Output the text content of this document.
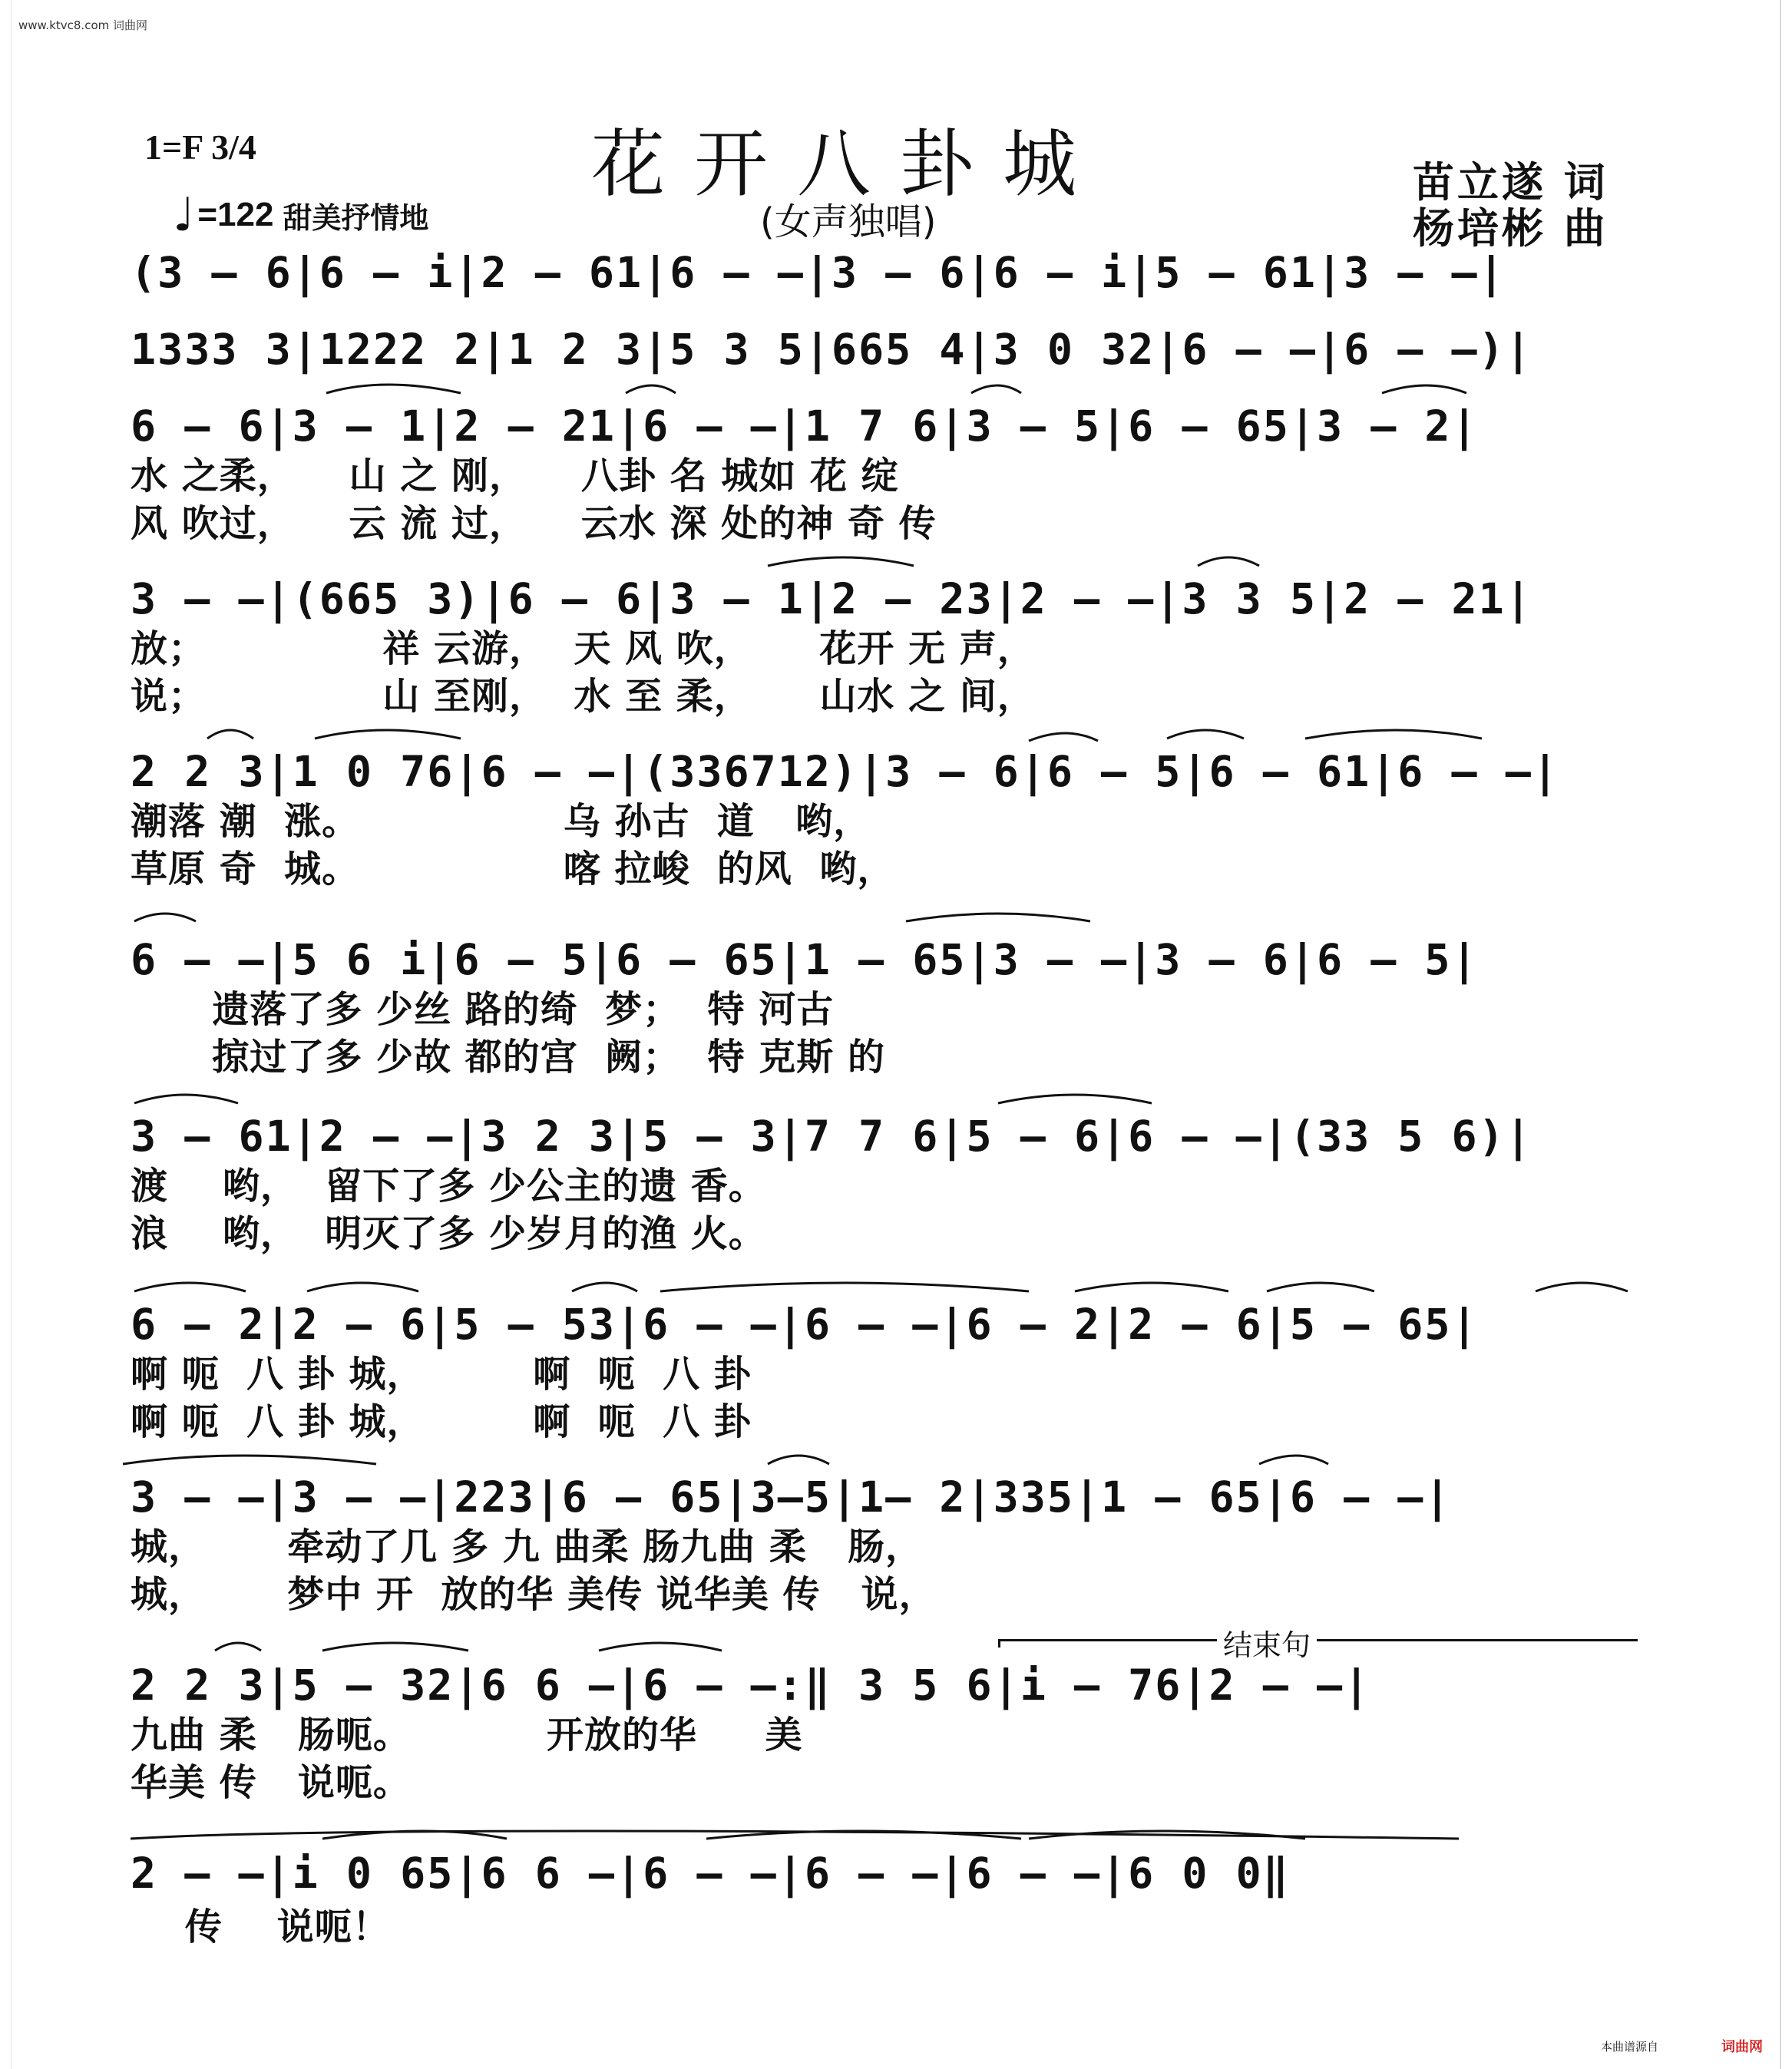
www.ktvc8.com 词曲网
1=F 3/4
♩ =122 甜美抒情地
花开八卦城
(女声独唱)
苗立遂 词
杨培彬 曲
(3 — 6|6 — i|2 — 61|6 — —|3 — 6|6 — i|5 — 61|3 — —|
1333 3|1222 2|1 2 3|5 3 5|665 4|3 0 32|6 — —|6 — —)|
6 — 6|3 — 1|2 — 21|6 — —|1 7 6|3 — 5|6 — 65|3 — 2|
水 之柔，    山 之 刚，    八卦 名 城如 花 绽
风 吹过，    云 流 过，    云水 深 处的神 奇 传
3 — —|(665 3)|6 — 6|3 — 1|2 — 23|2 — —|3 3 5|2 — 21|
放；             祥 云游，  天 风 吹，     花开 无 声，
说；             山 至刚，  水 至 柔，     山水 之 间，
2 2 3|1 0 76|6 — —|(336712)|3 — 6|6 — 5|6 — 61|6 — —|
潮落 潮  涨。               乌 孙古  道   哟，
草原 奇  城。               喀 拉峻  的风  哟，
6 — —|5 6 i|6 — 5|6 — 65|1 — 65|3 — —|3 — 6|6 — 5|
遗落了多 少丝 路的绮  梦；  特 河古
掠过了多 少故 都的宫  阙；  特 克斯 的
3 — 61|2 — —|3 2 3|5 — 3|7 7 6|5 — 6|6 — —|(33 5 6)|
渡    哟，  留下了多 少公主的遗 香。
浪    哟，  明灭了多 少岁月的渔 火。
6 — 2|2 — 6|5 — 53|6 — —|6 — —|6 — 2|2 — 6|5 — 65|
啊 呃  八 卦 城，        啊  呃  八 卦
啊 呃  八 卦 城，        啊  呃  八 卦
3 — —|3 — —|223|6 — 65|3—5|1— 2|335|1 — 65|6 — —|
城，      牵动了几 多 九 曲柔 肠九曲 柔   肠，
城，      梦中 开  放的华 美传 说华美 传   说，
结束句
2 2 3|5 — 32|6 6 —|6 — —:‖ 3 5 6|i — 76|2 — —|
九曲 柔   肠呃。          开放的华     美
华美 传   说呃。
2 — —|i 0 65|6 6 —|6 — —|6 — —|6 — —|6 0 0‖
传    说呃！
本曲谱源自	词曲网
